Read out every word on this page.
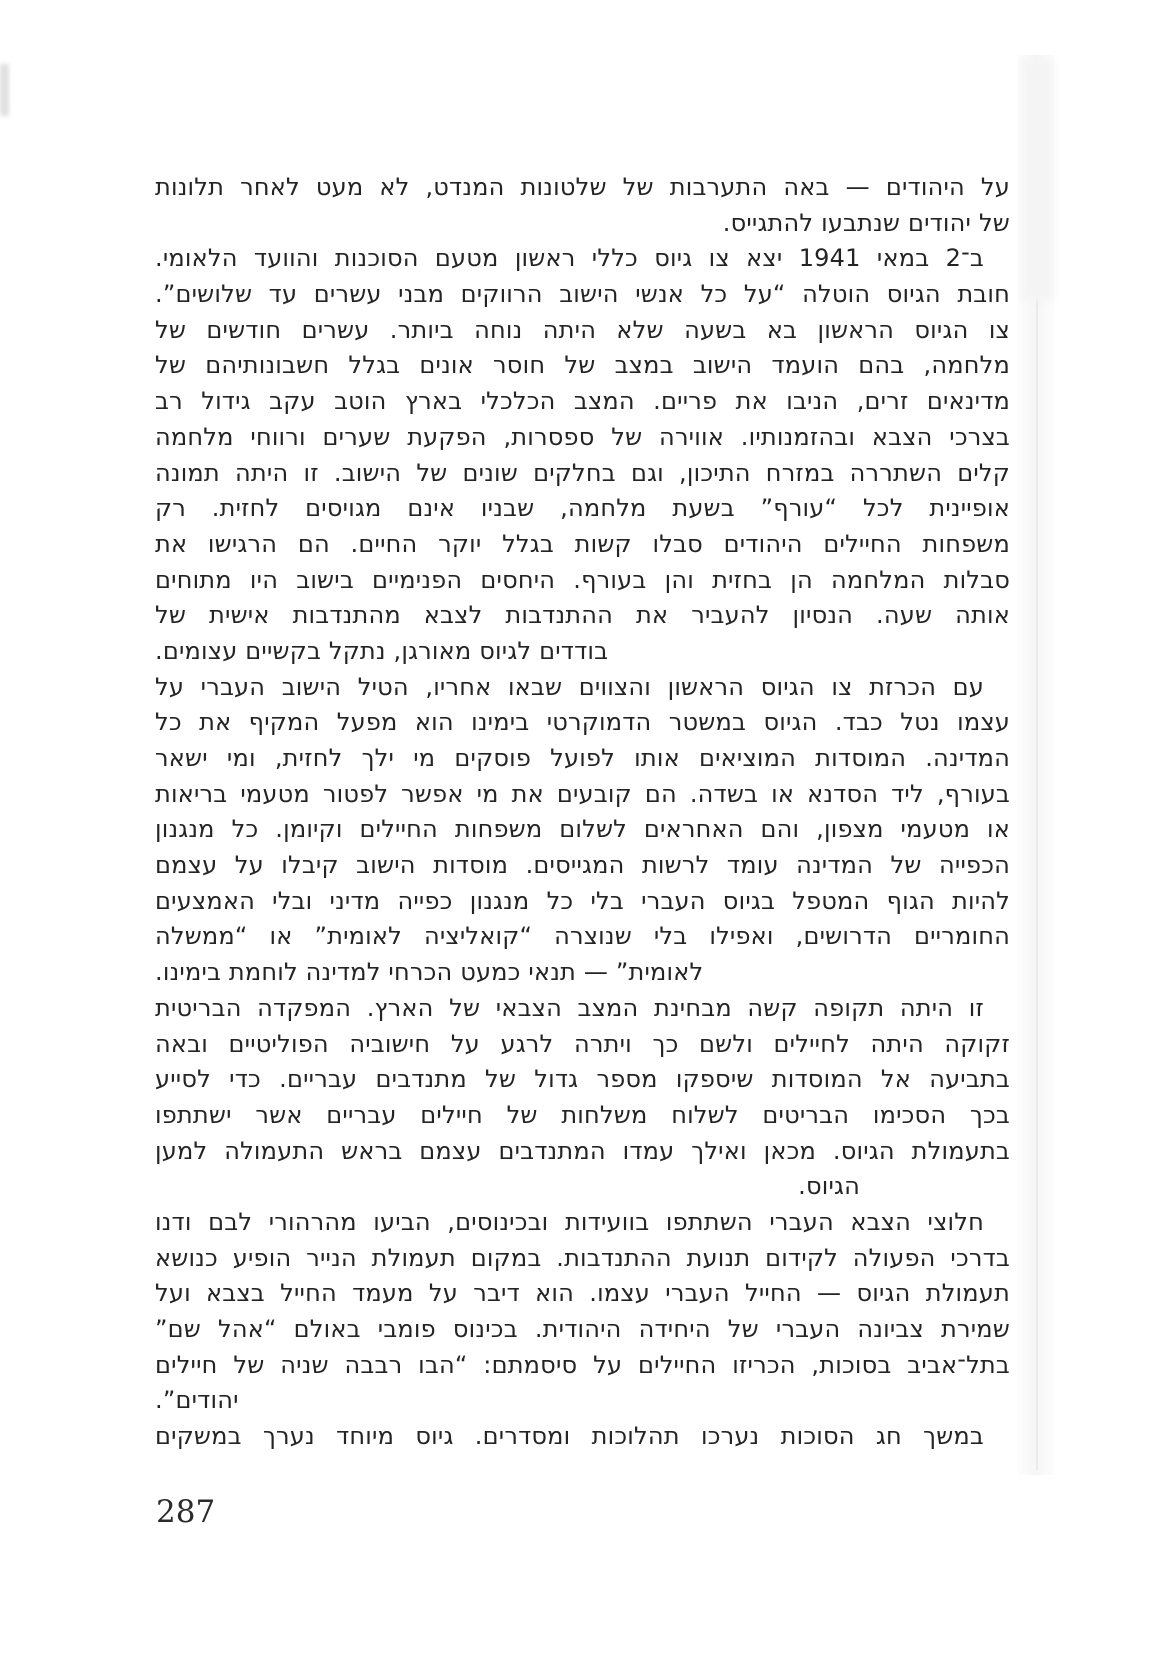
על היהודים — באה התערבות של שלטונות המנדט, לא מעט לאחר תלונות
של יהודים שנתבעו להתגייס.
ב־2 במאי 1941 יצא צו גיוס כללי ראשון מטעם הסוכנות והוועד הלאומי.
חובת הגיוס הוטלה “על כל אנשי הישוב הרווקים מבני עשרים עד שלושים”.
צו הגיוס הראשון בא בשעה שלא היתה נוחה ביותר. עשרים חודשים של
מלחמה, בהם הועמד הישוב במצב של חוסר אונים בגלל חשבונותיהם של
מדינאים זרים, הניבו את פריים. המצב הכלכלי בארץ הוטב עקב גידול רב
בצרכי הצבא ובהזמנותיו. אווירה של ספסרות, הפקעת שערים ורווחי מלחמה
קלים השתררה במזרח התיכון, וגם בחלקים שונים של הישוב. זו היתה תמונה
אופיינית לכל “עורף” בשעת מלחמה, שבניו אינם מגויסים לחזית. רק
משפחות החיילים היהודים סבלו קשות בגלל יוקר החיים. הם הרגישו את
סבלות המלחמה הן בחזית והן בעורף. היחסים הפנימיים בישוב היו מתוחים
אותה שעה. הנסיון להעביר את ההתנדבות לצבא מהתנדבות אישית של
בודדים לגיוס מאורגן, נתקל בקשיים עצומים.
עם הכרזת צו הגיוס הראשון והצווים שבאו אחריו, הטיל הישוב העברי על
עצמו נטל כבד. הגיוס במשטר הדמוקרטי בימינו הוא מפעל המקיף את כל
המדינה. המוסדות המוציאים אותו לפועל פוסקים מי ילך לחזית, ומי ישאר
בעורף, ליד הסדנא או בשדה. הם קובעים את מי אפשר לפטור מטעמי בריאות
או מטעמי מצפון, והם האחראים לשלום משפחות החיילים וקיומן. כל מנגנון
הכפייה של המדינה עומד לרשות המגייסים. מוסדות הישוב קיבלו על עצמם
להיות הגוף המטפל בגיוס העברי בלי כל מנגנון כפייה מדיני ובלי האמצעים
החומריים הדרושים, ואפילו בלי שנוצרה “קואליציה לאומית” או “ממשלה
לאומית” — תנאי כמעט הכרחי למדינה לוחמת בימינו.
זו היתה תקופה קשה מבחינת המצב הצבאי של הארץ. המפקדה הבריטית
זקוקה היתה לחיילים ולשם כך ויתרה לרגע על חישוביה הפוליטיים ובאה
בתביעה אל המוסדות שיספקו מספר גדול של מתנדבים עבריים. כדי לסייע
בכך הסכימו הבריטים לשלוח משלחות של חיילים עבריים אשר ישתתפו
בתעמולת הגיוס. מכאן ואילך עמדו המתנדבים עצמם בראש התעמולה למען
הגיוס.
חלוצי הצבא העברי השתתפו בוועידות ובכינוסים, הביעו מהרהורי לבם ודנו
בדרכי הפעולה לקידום תנועת ההתנדבות. במקום תעמולת הנייר הופיע כנושא
תעמולת הגיוס — החייל העברי עצמו. הוא דיבר על מעמד החייל בצבא ועל
שמירת צביונה העברי של היחידה היהודית. בכינוס פומבי באולם “אהל שם”
בתל־אביב בסוכות, הכריזו החיילים על סיסמתם: “הבו רבבה שניה של חיילים
יהודים”.
במשך חג הסוכות נערכו תהלוכות ומסדרים. גיוס מיוחד נערך במשקים
287
